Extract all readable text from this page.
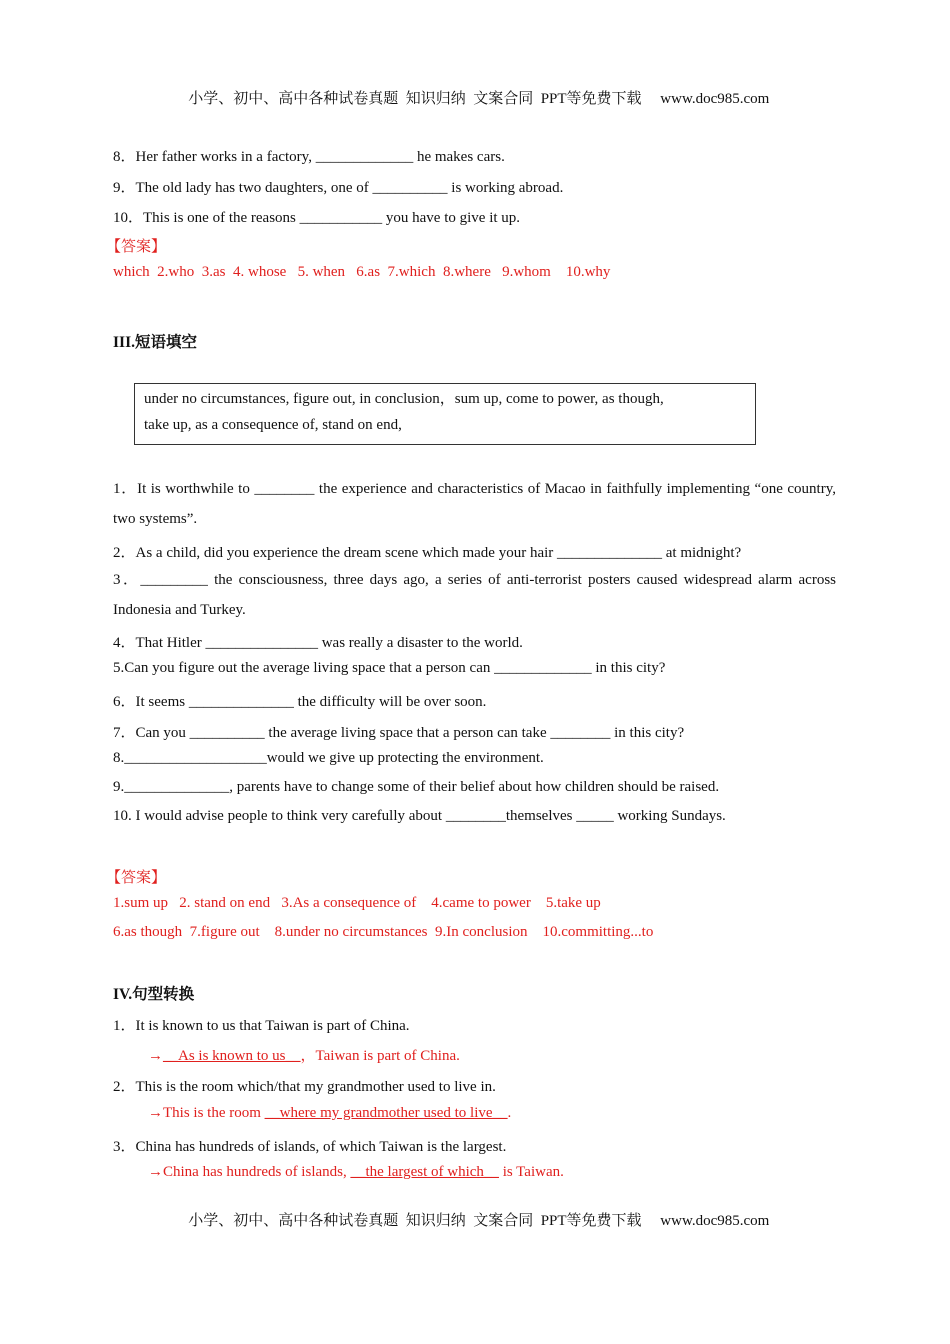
小学、初中、高中各种试卷真题  知识归纳  文案合同  PPT等免费下载 www.doc985.com

8．Her father works in a factory, _____________ he makes cars.
9．The old lady has two daughters, one of __________ is working abroad.
10．This is one of the reasons ___________ you have to give it up.
【答案】
which  2.who  3.as  4. whose   5. when   6.as  7.which  8.where   9.whom    10.why
III.短语填空
under no circumstances, figure out, in conclusion，sum up, come to power, as though,
take up, as a consequence of, stand on end,
1．It is worthwhile to ________ the experience and characteristics of Macao in faithfully implementing “one country, two systems”.
2．As a child, did you experience the dream scene which made your hair ______________ at midnight?
3．_________ the consciousness, three days ago, a series of anti-terrorist posters caused widespread alarm across Indonesia and Turkey.
4．That Hitler _______________ was really a disaster to the world.
5.Can you figure out the average living space that a person can _____________ in this city?
6．It seems ______________ the difficulty will be over soon.
7．Can you __________ the average living space that a person can take ________ in this city?
8.___________________would we give up protecting the environment.
9.______________, parents have to change some of their belief about how children should be raised.
10. I would advise people to think very carefully about ________themselves _____ working Sundays.
【答案】
1.sum up   2. stand on end   3.As a consequence of    4.came to power    5.take up
6.as though  7.figure out    8.under no circumstances  9.In conclusion    10.committing...to
IV.句型转换
1．It is known to us that Taiwan is part of China.
→__As is known to us__，Taiwan is part of China.
2．This is the room which/that my grandmother used to live in.
→This is the room __where my grandmother used to live__.
3．China has hundreds of islands, of which Taiwan is the largest.
→China has hundreds of islands, __the largest of which__ is Taiwan.

小学、初中、高中各种试卷真题  知识归纳  文案合同  PPT等免费下载 www.doc985.com
